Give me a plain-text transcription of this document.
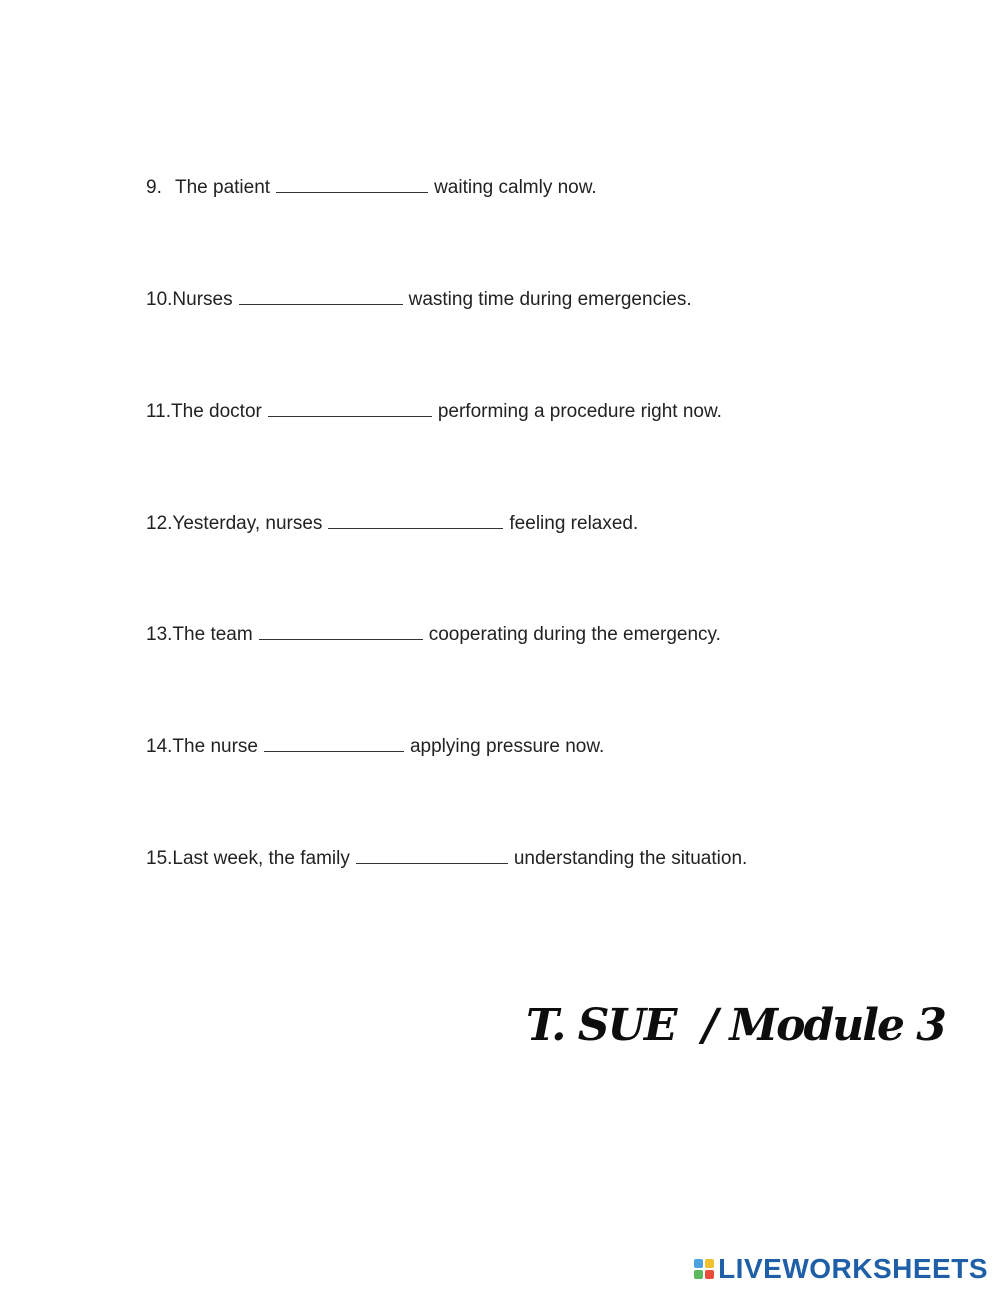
9. The patient	waiting calmly now.
10.Nurses	wasting time during emergencies.
11.The doctor	performing a procedure right now.
12.Yesterday, nurses	feeling relaxed.
13.The team	cooperating during the emergency.
14.The nurse	applying pressure now.
15.Last week, the family	understanding the situation.
T. SUE  / Module 3
LIVEWORKSHEETS
